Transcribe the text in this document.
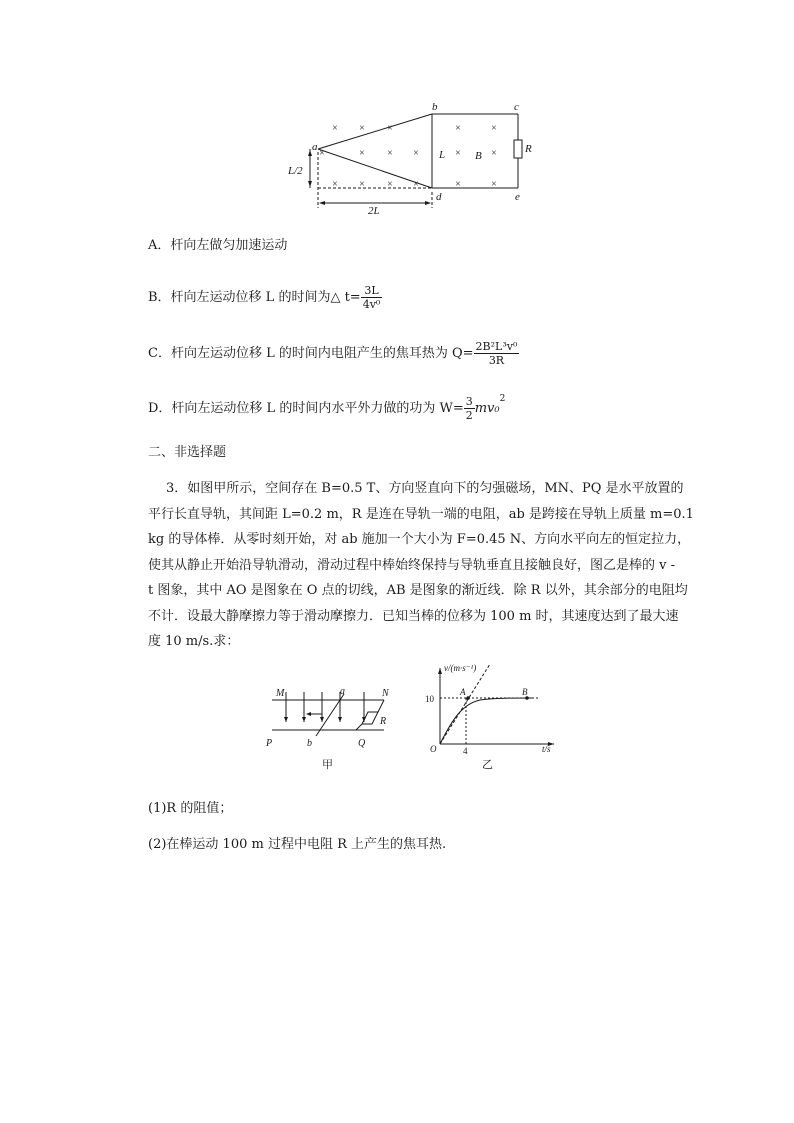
× × ×
×	× × ×
× × × ×
×	×
×	×
×	×
a
b	c
d	e
L	B
R
L/2
2L
A．杆向左做匀加速运动
B．杆向左运动位移 L 的时间为△ $t= \frac{3L}{\text{4v⁰}}$
C．杆向左运动位移 L 的时间内电阻产生的焦耳热为 $Q= \frac{\text{2B²L³v⁰}}{3R}$
D．杆向左运动位移 L 的时间内水平外力做的功为 $W= \frac{3}{2} mv_0^2$
二、非选择题
3．如图甲所示，空间存在 B=0.5 T、方向竖直向下的匀强磁场，MN、PQ 是水平放置的
平行长直导轨，其间距 L=0.2 m，R 是连在导轨一端的电阻，ab 是跨接在导轨上质量 m=0.1
kg 的导体棒．从零时刻开始，对 ab 施加一个大小为 F=0.45 N、方向水平向左的恒定拉力，
使其从静止开始沿导轨滑动，滑动过程中棒始终保持与导轨垂直且接触良好，图乙是棒的 v -
t 图象，其中 AO 是图象在 O 点的切线，AB 是图象的渐近线．除 R 以外，其余部分的电阻均
不计．设最大静摩擦力等于滑动摩擦力．已知当棒的位移为 100 m 时，其速度达到了最大速
度 10 m/s.求：
M	N
a
R
P	b	Q
甲
v/(m·s⁻¹)
t/s
O
A	B
10
4
乙
(1)R 的阻值；
(2)在棒运动 100 m 过程中电阻 R 上产生的焦耳热.
